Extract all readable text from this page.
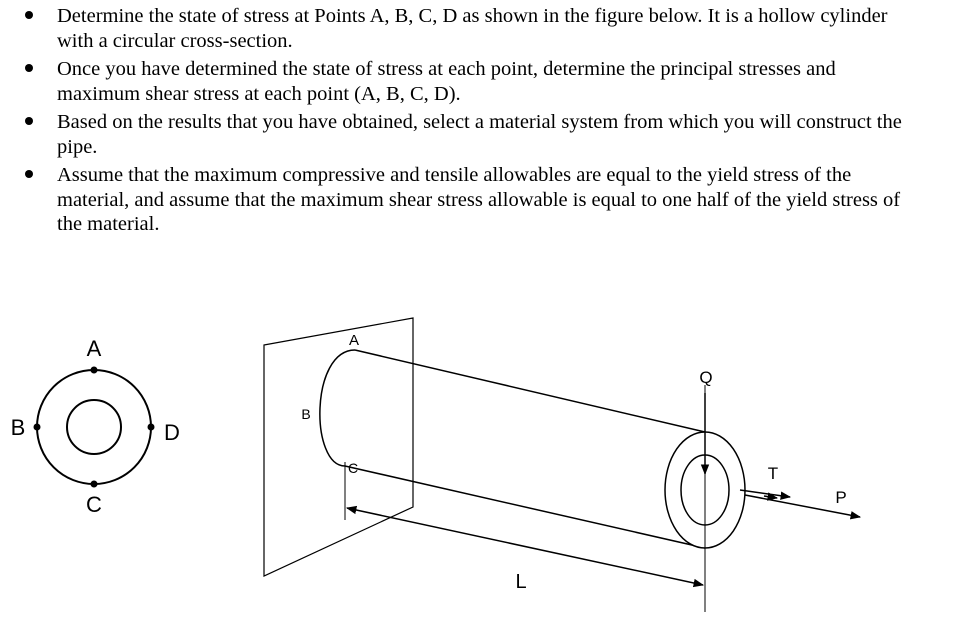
Determine the state of stress at Points A, B, C, D as shown in the figure below. It is a hollow cylinder with a circular cross-section.
Once you have determined the state of stress at each point, determine the principal stresses and maximum shear stress at each point (A, B, C, D).
Based on the results that you have obtained, select a material system from which you will construct the pipe.
Assume that the maximum compressive and tensile allowables are equal to the yield stress of the material, and assume that the maximum shear stress allowable is equal to one half of the yield stress of the material.
A
B
C
D
A
B
C
Q
T
P
L
